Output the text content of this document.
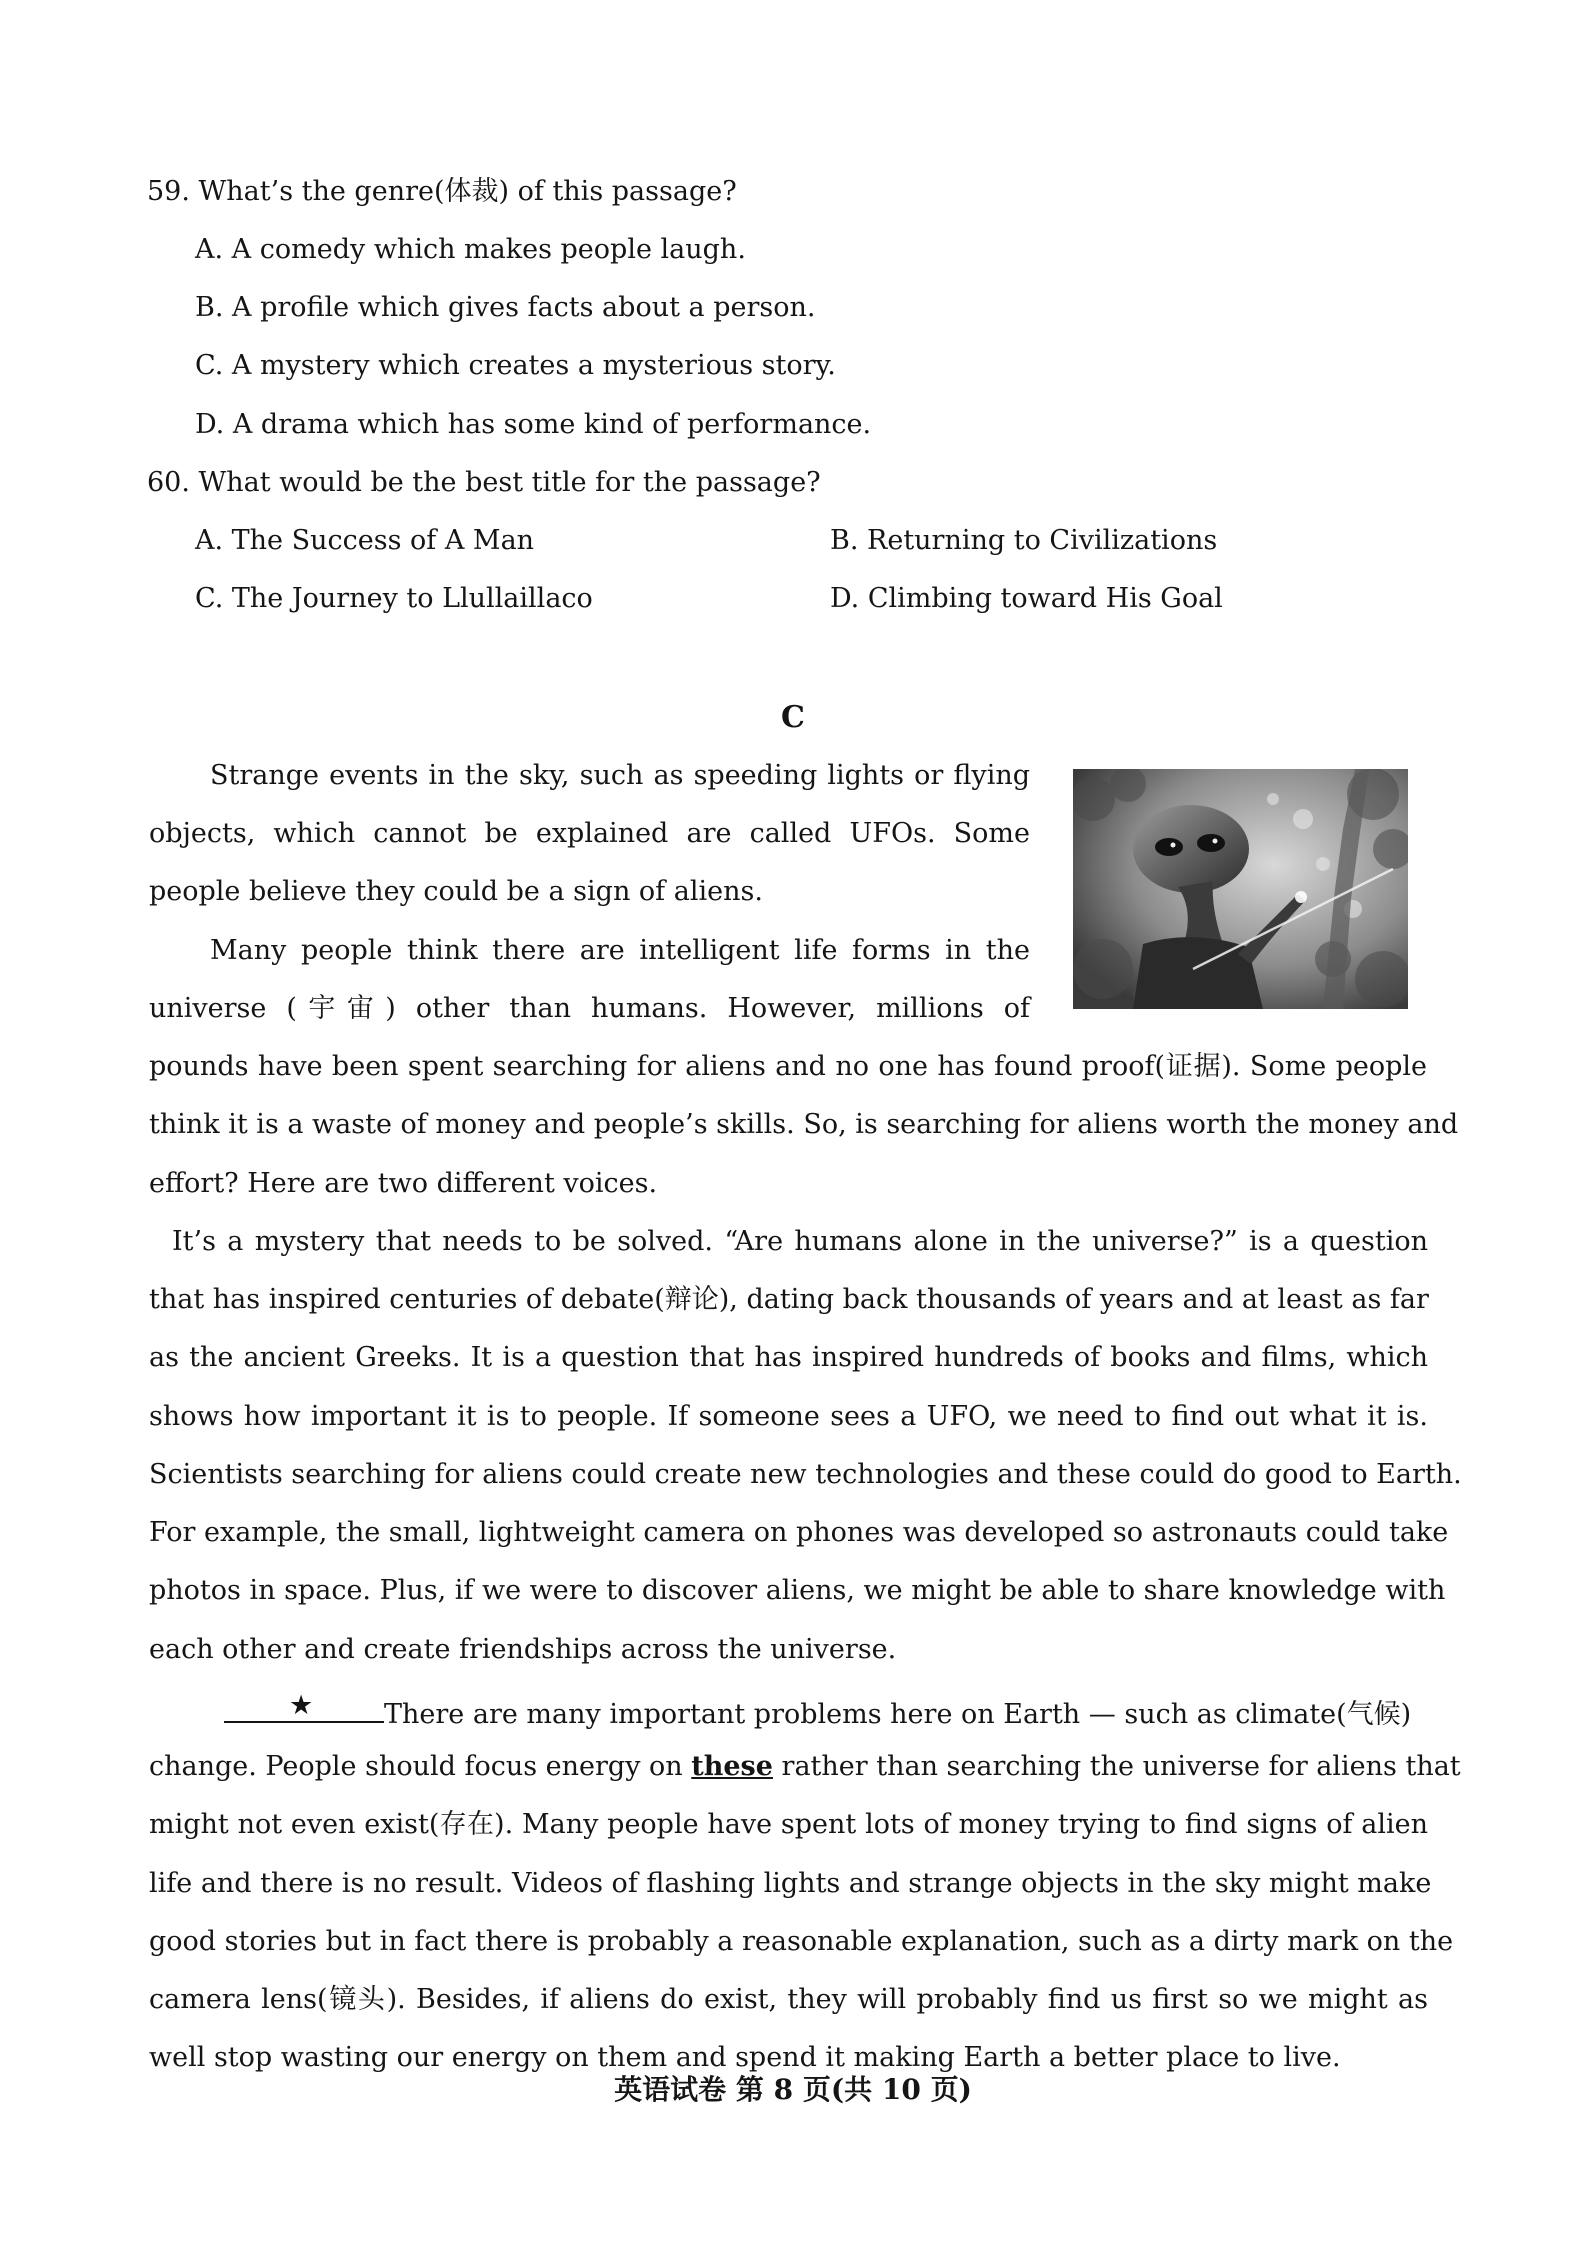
59. What’s the genre(体裁) of this passage?
A. A comedy which makes people laugh.
B. A profile which gives facts about a person.
C. A mystery which creates a mysterious story.
D. A drama which has some kind of performance.
60. What would be the best title for the passage?
A. The Success of A Man	B. Returning to Civilizations
C. The Journey to Llullaillaco	D. Climbing toward His Goal
C
Strange events in the sky, such as speeding lights or flying
objects, which cannot be explained are called UFOs. Some
people believe they could be a sign of aliens.
Many people think there are intelligent life forms in the
universe (宇宙) other than humans. However, millions of
pounds have been spent searching for aliens and no one has found proof(证据). Some people
think it is a waste of money and people’s skills. So, is searching for aliens worth the money and
effort? Here are two different voices.
It’s a mystery that needs to be solved. “Are humans alone in the universe?” is a question
that has inspired centuries of debate(辩论), dating back thousands of years and at least as far
as the ancient Greeks. It is a question that has inspired hundreds of books and films, which
shows how important it is to people. If someone sees a UFO, we need to find out what it is.
Scientists searching for aliens could create new technologies and these could do good to Earth.
For example, the small, lightweight camera on phones was developed so astronauts could take
photos in space. Plus, if we were to discover aliens, we might be able to share knowledge with
each other and create friendships across the universe.
★	There are many important problems here on Earth — such as climate(气候)
change. People should focus energy on these rather than searching the universe for aliens that
might not even exist(存在). Many people have spent lots of money trying to find signs of alien
life and there is no result. Videos of flashing lights and strange objects in the sky might make
good stories but in fact there is probably a reasonable explanation, such as a dirty mark on the
camera lens(镜头). Besides, if aliens do exist, they will probably find us first so we might as
well stop wasting our energy on them and spend it making Earth a better place to live.
英语试卷 第 8 页(共 10 页)
